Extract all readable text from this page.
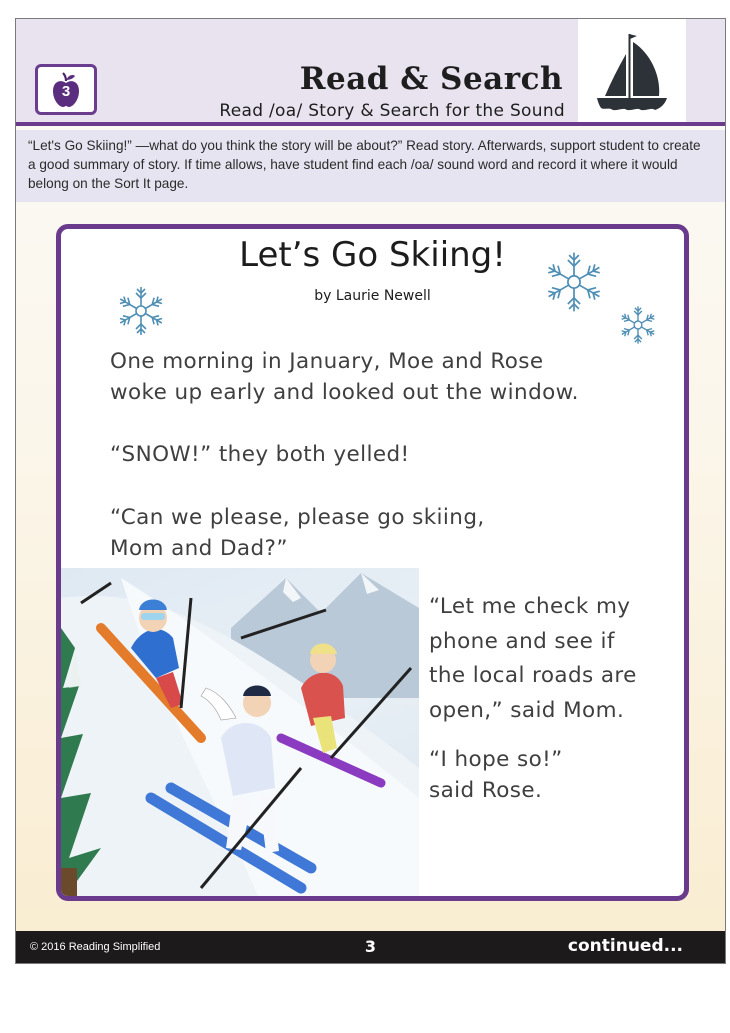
3	Read & Search
Read /oa/ Story & Search for the Sound
“Let's Go Skiing!” —what do you think the story will be about?” Read story. Afterwards, support student to create a good summary of story. If time allows, have student find each /oa/ sound word and record it where it would belong on the Sort It page.
Let’s Go Skiing!
by Laurie Newell
One morning in January, Moe and Rose
woke up early and looked out the window.
“SNOW!” they both yelled!
“Can we please, please go skiing,
Mom and Dad?”
“Let me check my
phone and see if
the local roads are
open,” said Mom.
“I hope so!”
said Rose.
© 2016 Reading Simplified	3	continued...
